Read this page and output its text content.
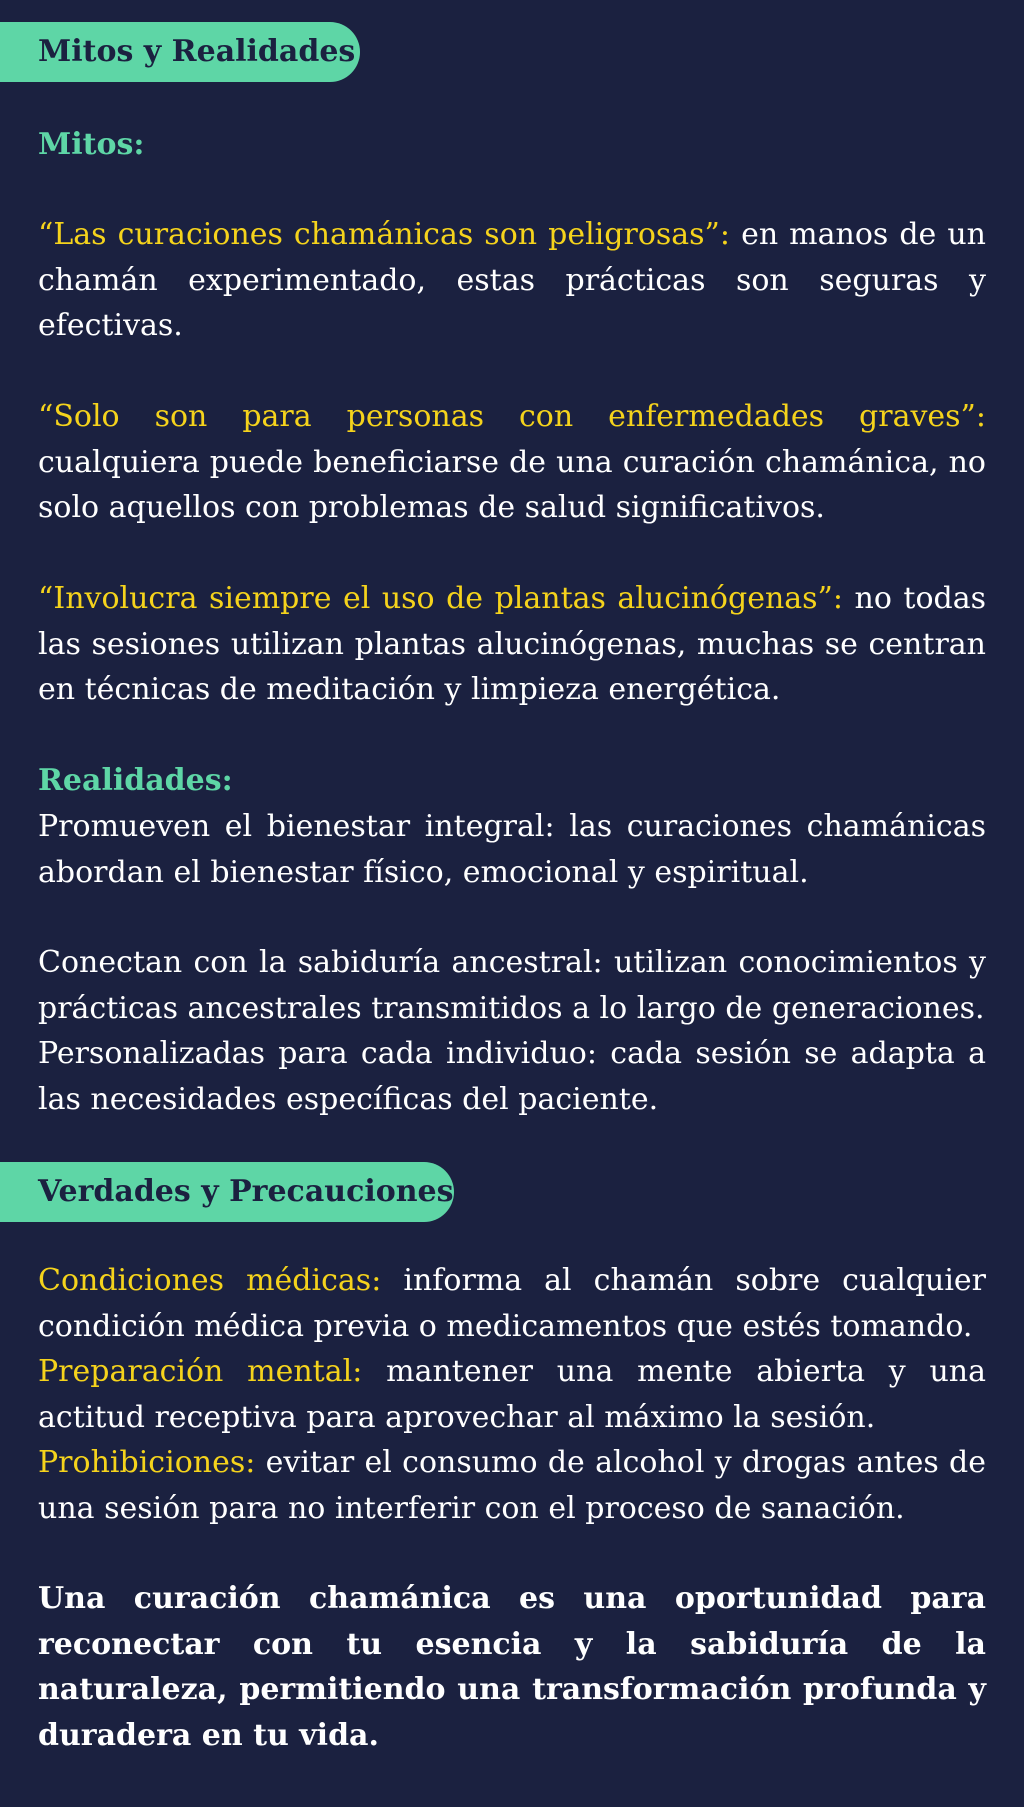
Mitos y Realidades
Mitos:

“Las curaciones chamánicas son peligrosas”: en manos de un chamán experimentado, estas prácticas son seguras y efectivas.

“Solo son para personas con enfermedades graves”: cualquiera puede beneficiarse de una curación chamánica, no solo aquellos con problemas de salud significativos.

“Involucra siempre el uso de plantas alucinógenas”: no todas las sesiones utilizan plantas alucinógenas, muchas se centran en técnicas de meditación y limpieza energética.

Realidades:

Promueven el bienestar integral: las curaciones chamánicas abordan el bienestar físico, emocional y espiritual.

Conectan con la sabiduría ancestral: utilizan conocimientos y prácticas ancestrales transmitidos a lo largo de generaciones.

Personalizadas para cada individuo: cada sesión se adapta a las necesidades específicas del paciente.

Verdades y Precauciones

Condiciones médicas: informa al chamán sobre cualquier condición médica previa o medicamentos que estés tomando.

Preparación mental: mantener una mente abierta y una actitud receptiva para aprovechar al máximo la sesión.

Prohibiciones: evitar el consumo de alcohol y drogas antes de una sesión para no interferir con el proceso de sanación.

Una curación chamánica es una oportunidad para reconectar con tu esencia y la sabiduría de la naturaleza, permitiendo una transformación profunda y duradera en tu vida.
